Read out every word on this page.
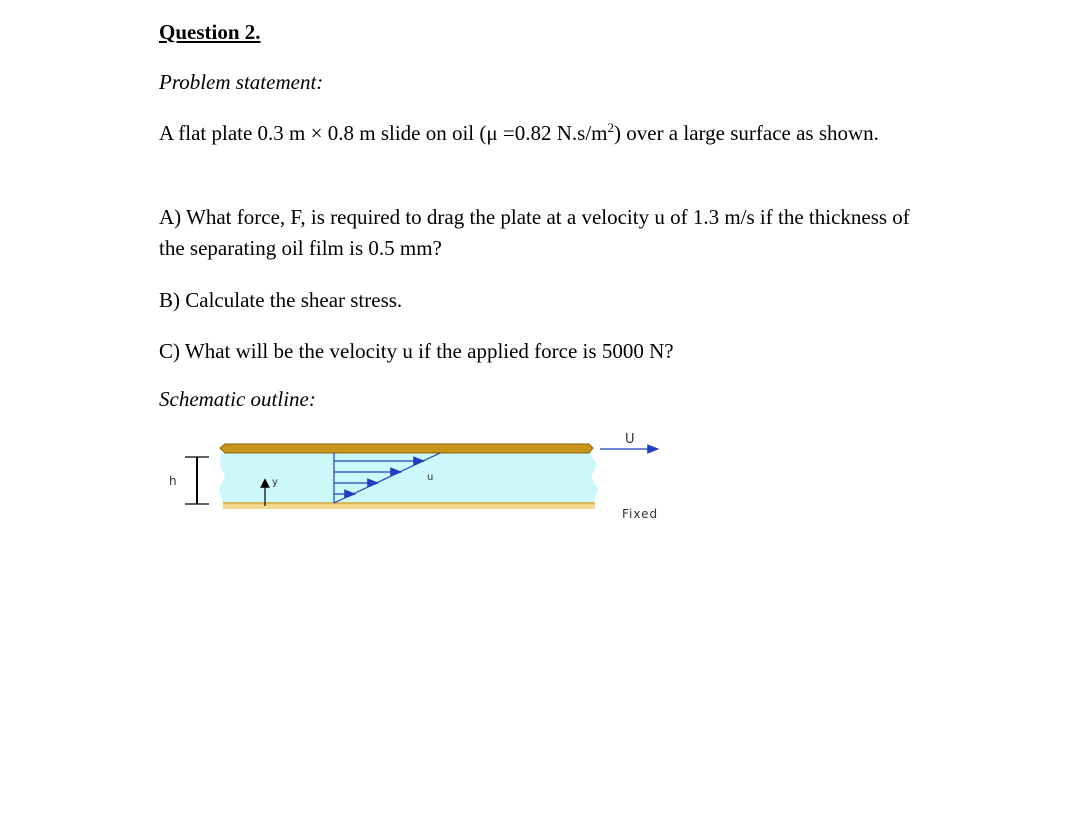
Question 2.

Problem statement:

A flat plate 0.3 m × 0.8 m slide on oil (μ =0.82 $N.s/m^2$) over a large surface as shown.

A) What force, F, is required to drag the plate at a velocity u of 1.3 m/s if the thickness of the separating oil film is 0.5 mm?

B) Calculate the shear stress.

C) What will be the velocity u if the applied force is 5000 N?

Schematic outline:

h	y	u
U
Fixed
